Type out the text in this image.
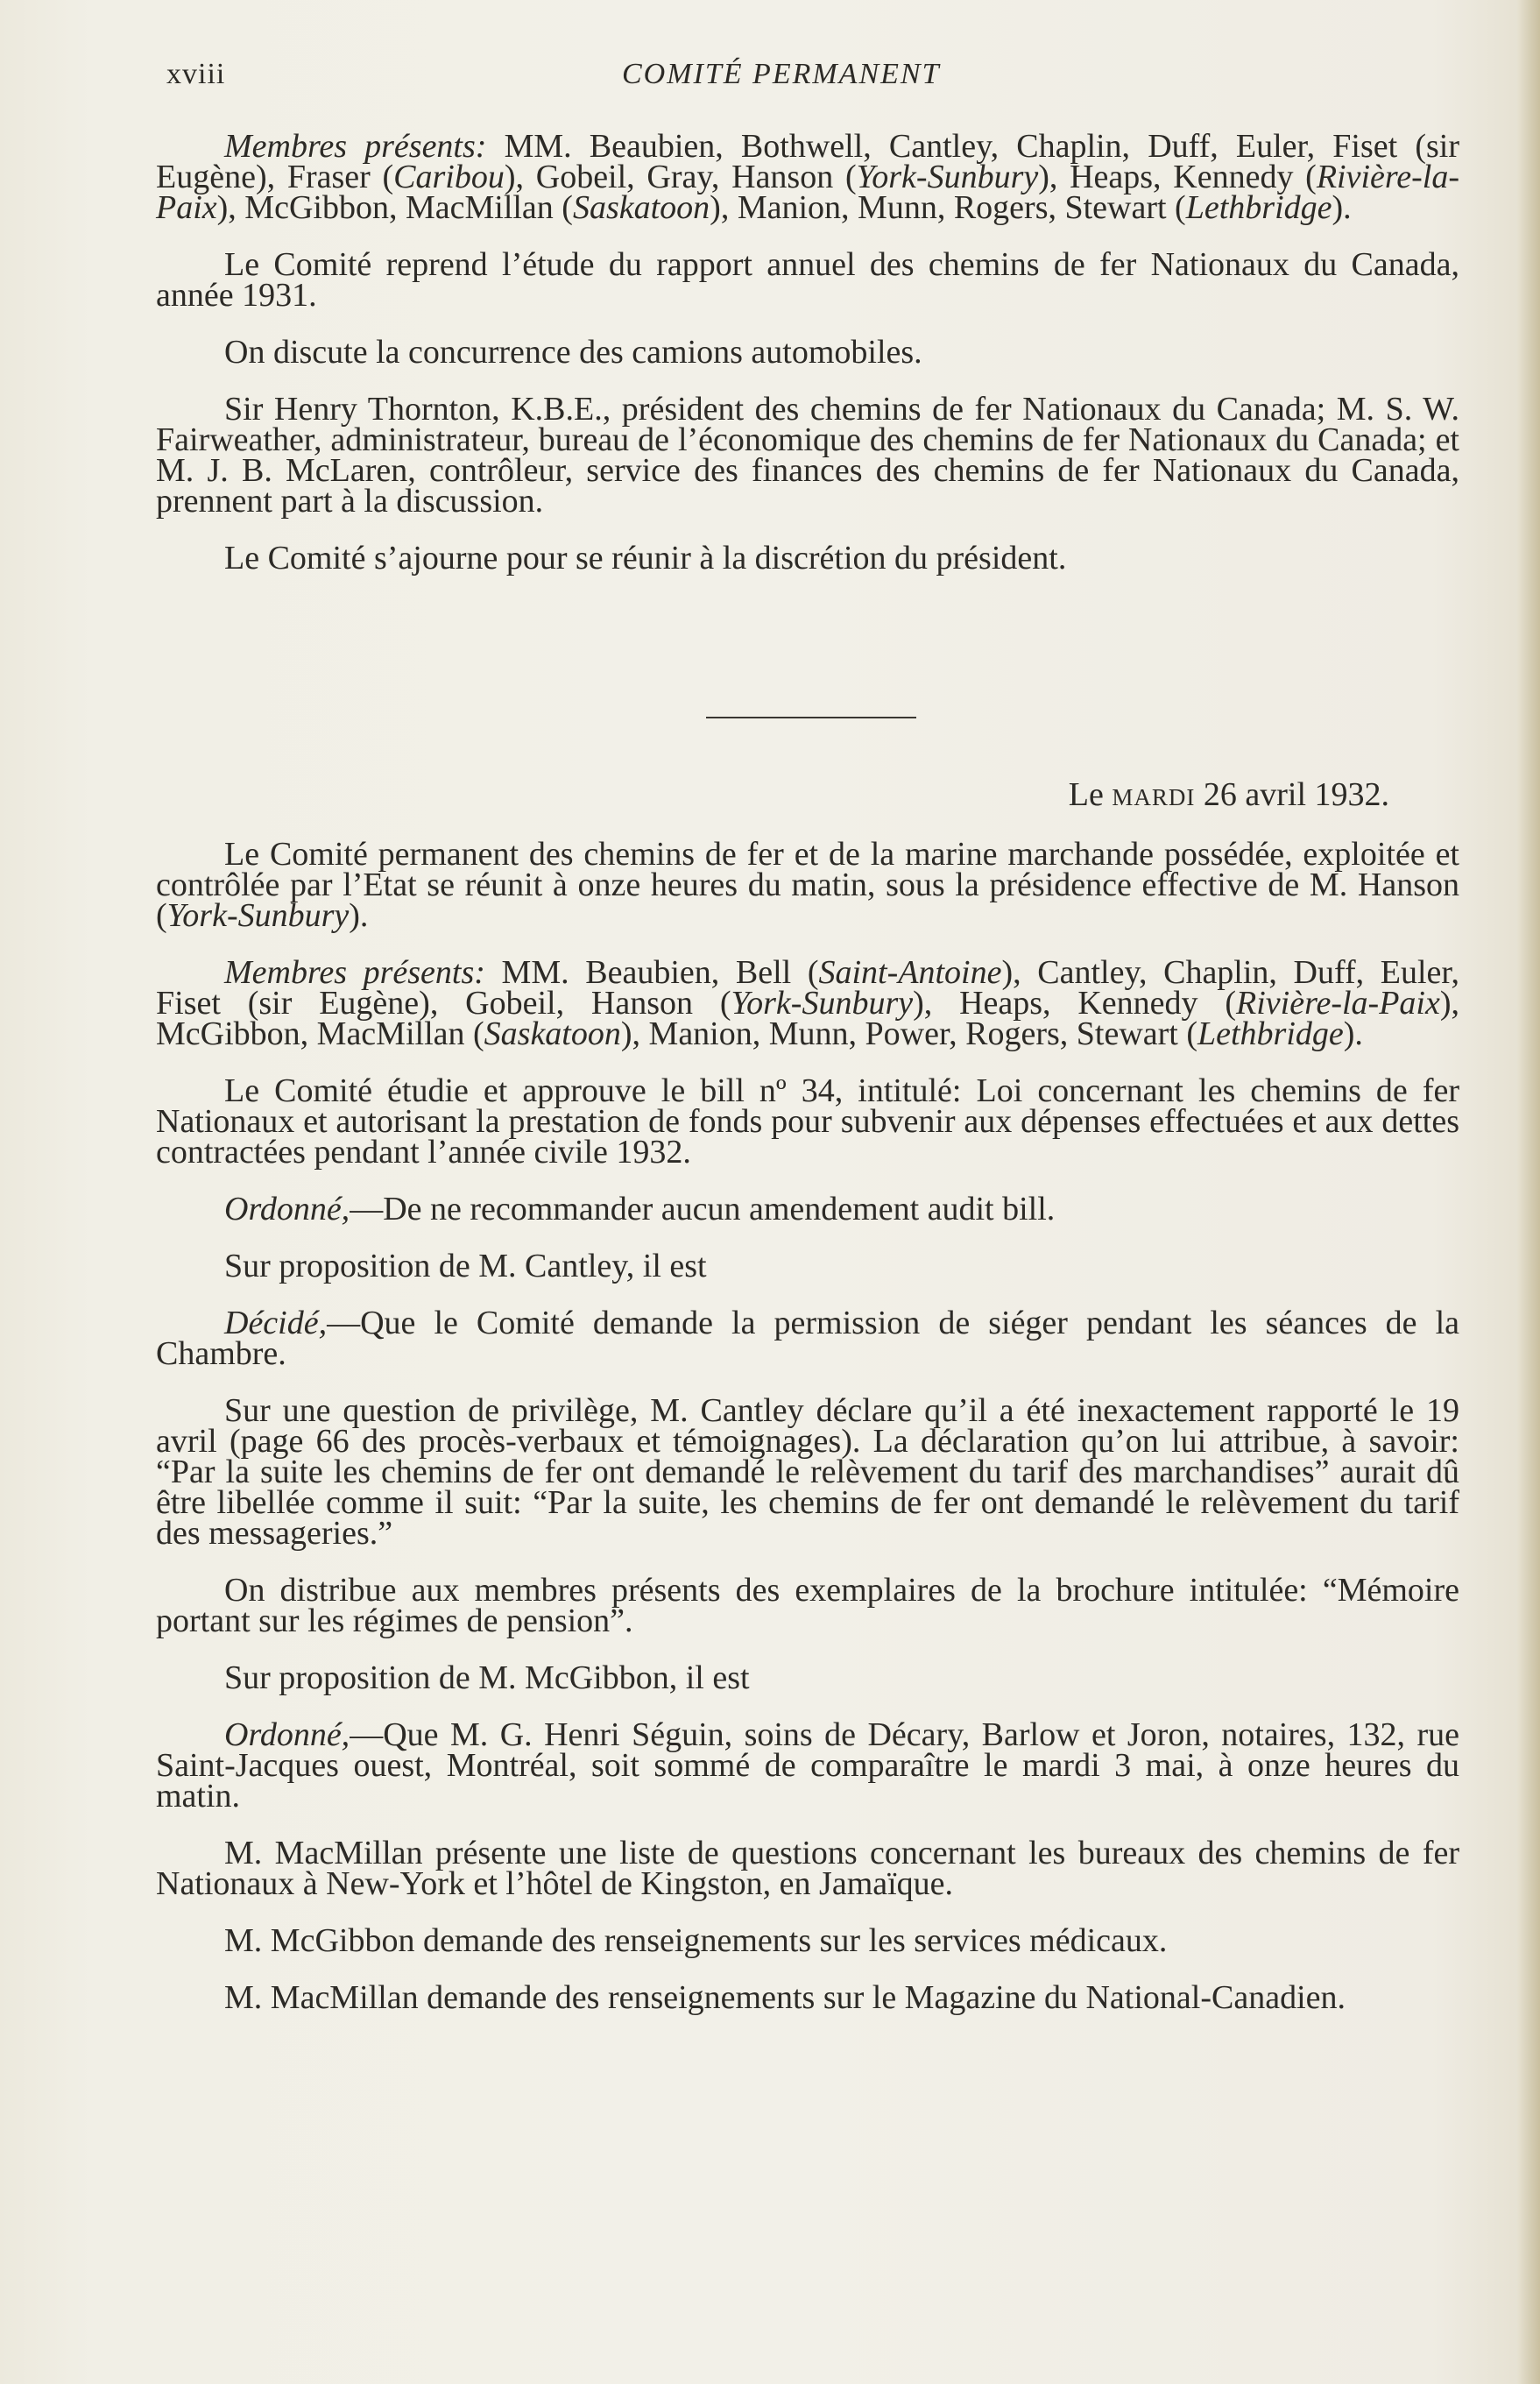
xviii	COMITÉ PERMANENT

Membres présents: MM. Beaubien, Bothwell, Cantley, Chaplin, Duff, Euler, Fiset (sir Eugène), Fraser (Caribou), Gobeil, Gray, Hanson (York-Sunbury), Heaps, Kennedy (Rivière-la-Paix), McGibbon, MacMillan (Saskatoon), Manion, Munn, Rogers, Stewart (Lethbridge).

Le Comité reprend l’étude du rapport annuel des chemins de fer Nationaux du Canada, année 1931.

On discute la concurrence des camions automobiles.

Sir Henry Thornton, K.B.E., président des chemins de fer Nationaux du Canada; M. S. W. Fairweather, administrateur, bureau de l’économique des chemins de fer Nationaux du Canada; et M. J. B. McLaren, contrôleur, service des finances des chemins de fer Nationaux du Canada, prennent part à la discussion.

Le Comité s’ajourne pour se réunir à la discrétion du président.

Le mardi 26 avril 1932.

Le Comité permanent des chemins de fer et de la marine marchande possédée, exploitée et contrôlée par l’Etat se réunit à onze heures du matin, sous la présidence effective de M. Hanson (York-Sunbury).

Membres présents: MM. Beaubien, Bell (Saint-Antoine), Cantley, Chaplin, Duff, Euler, Fiset (sir Eugène), Gobeil, Hanson (York-Sunbury), Heaps, Kennedy (Rivière-la-Paix), McGibbon, MacMillan (Saskatoon), Manion, Munn, Power, Rogers, Stewart (Lethbridge).

Le Comité étudie et approuve le bill nº 34, intitulé: Loi concernant les chemins de fer Nationaux et autorisant la prestation de fonds pour subvenir aux dépenses effectuées et aux dettes contractées pendant l’année civile 1932.

Ordonné,—De ne recommander aucun amendement audit bill.

Sur proposition de M. Cantley, il est

Décidé,—Que le Comité demande la permission de siéger pendant les séances de la Chambre.

Sur une question de privilège, M. Cantley déclare qu’il a été inexactement rapporté le 19 avril (page 66 des procès-verbaux et témoignages). La déclaration qu’on lui attribue, à savoir: “Par la suite les chemins de fer ont demandé le relèvement du tarif des marchandises” aurait dû être libellée comme il suit: “Par la suite, les chemins de fer ont demandé le relèvement du tarif des messageries.”

On distribue aux membres présents des exemplaires de la brochure intitulée: “Mémoire portant sur les régimes de pension”.

Sur proposition de M. McGibbon, il est

Ordonné,—Que M. G. Henri Séguin, soins de Décary, Barlow et Joron, notaires, 132, rue Saint-Jacques ouest, Montréal, soit sommé de comparaître le mardi 3 mai, à onze heures du matin.

M. MacMillan présente une liste de questions concernant les bureaux des chemins de fer Nationaux à New-York et l’hôtel de Kingston, en Jamaïque.

M. McGibbon demande des renseignements sur les services médicaux.

M. MacMillan demande des renseignements sur le Magazine du National-Canadien.
